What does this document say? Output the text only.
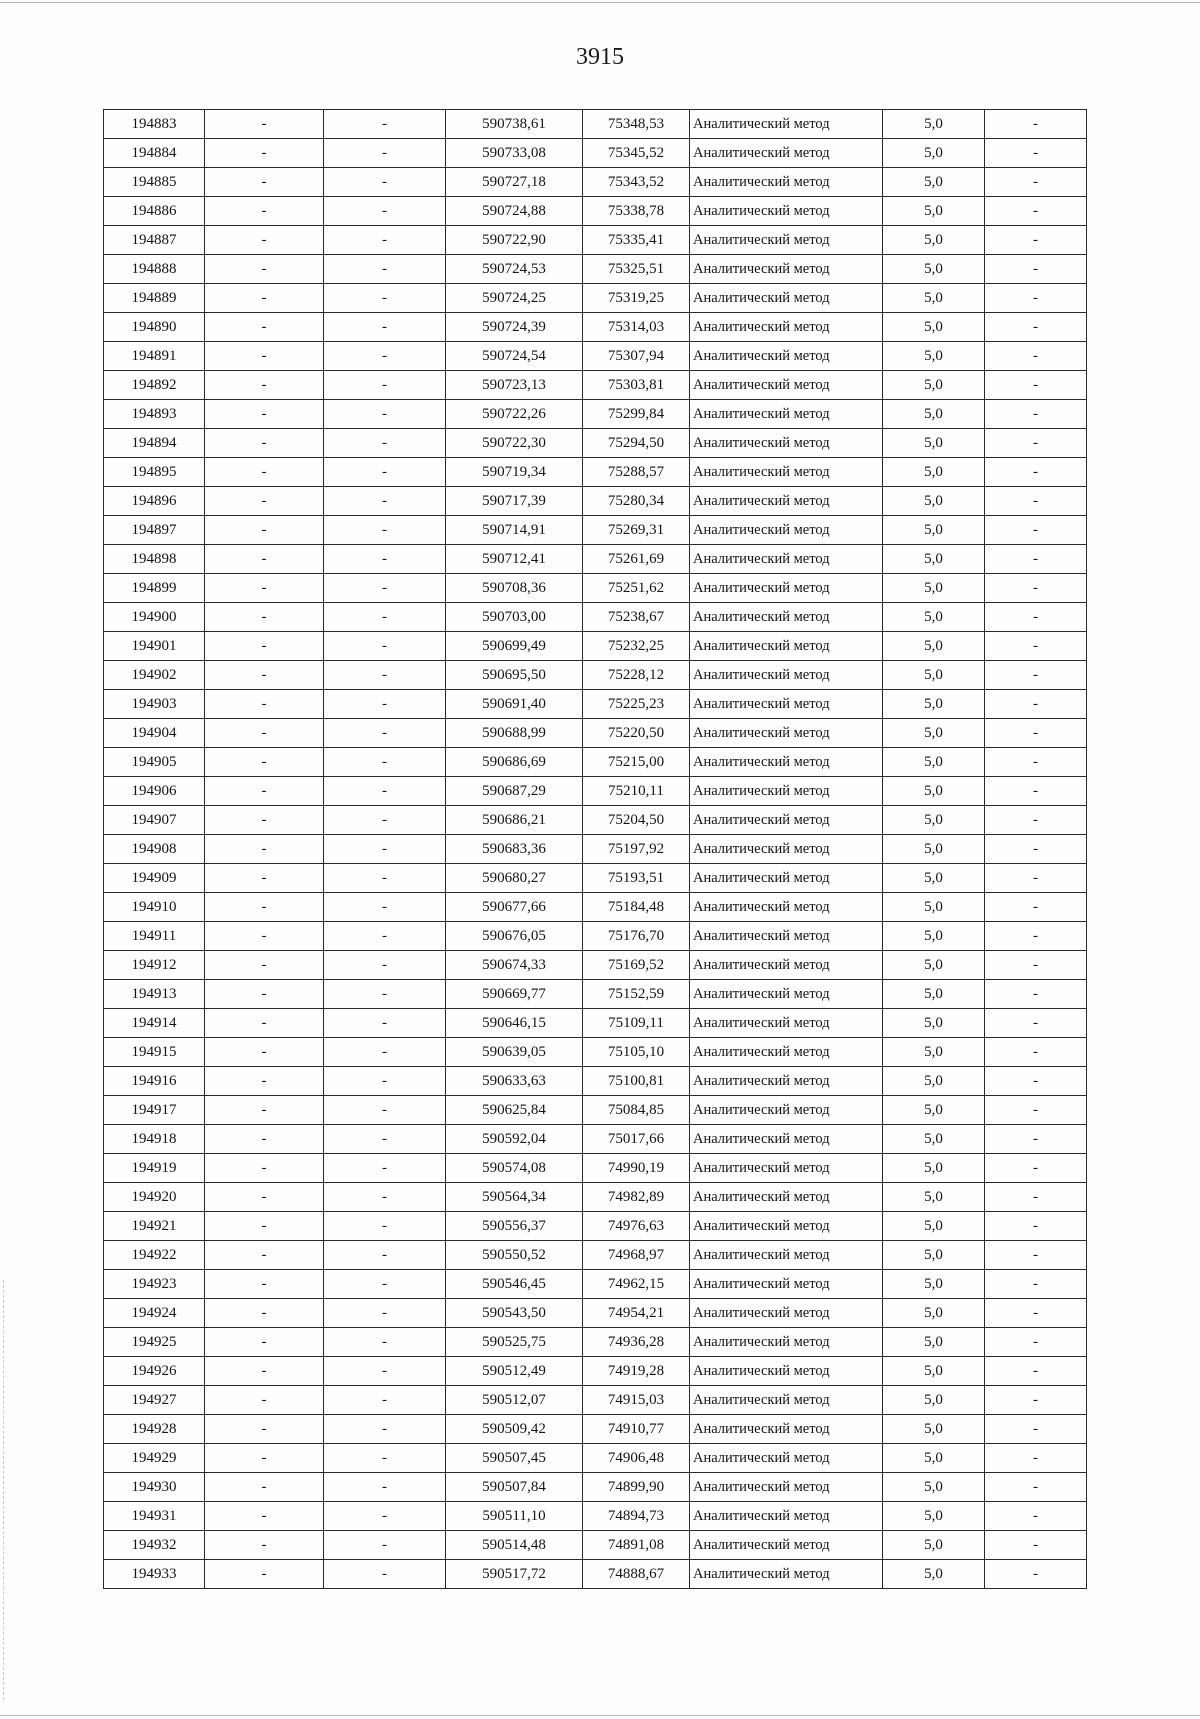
3915
194883	-	-	590738,61	75348,53	Аналитический метод	5,0	-
194884	-	-	590733,08	75345,52	Аналитический метод	5,0	-
194885	-	-	590727,18	75343,52	Аналитический метод	5,0	-
194886	-	-	590724,88	75338,78	Аналитический метод	5,0	-
194887	-	-	590722,90	75335,41	Аналитический метод	5,0	-
194888	-	-	590724,53	75325,51	Аналитический метод	5,0	-
194889	-	-	590724,25	75319,25	Аналитический метод	5,0	-
194890	-	-	590724,39	75314,03	Аналитический метод	5,0	-
194891	-	-	590724,54	75307,94	Аналитический метод	5,0	-
194892	-	-	590723,13	75303,81	Аналитический метод	5,0	-
194893	-	-	590722,26	75299,84	Аналитический метод	5,0	-
194894	-	-	590722,30	75294,50	Аналитический метод	5,0	-
194895	-	-	590719,34	75288,57	Аналитический метод	5,0	-
194896	-	-	590717,39	75280,34	Аналитический метод	5,0	-
194897	-	-	590714,91	75269,31	Аналитический метод	5,0	-
194898	-	-	590712,41	75261,69	Аналитический метод	5,0	-
194899	-	-	590708,36	75251,62	Аналитический метод	5,0	-
194900	-	-	590703,00	75238,67	Аналитический метод	5,0	-
194901	-	-	590699,49	75232,25	Аналитический метод	5,0	-
194902	-	-	590695,50	75228,12	Аналитический метод	5,0	-
194903	-	-	590691,40	75225,23	Аналитический метод	5,0	-
194904	-	-	590688,99	75220,50	Аналитический метод	5,0	-
194905	-	-	590686,69	75215,00	Аналитический метод	5,0	-
194906	-	-	590687,29	75210,11	Аналитический метод	5,0	-
194907	-	-	590686,21	75204,50	Аналитический метод	5,0	-
194908	-	-	590683,36	75197,92	Аналитический метод	5,0	-
194909	-	-	590680,27	75193,51	Аналитический метод	5,0	-
194910	-	-	590677,66	75184,48	Аналитический метод	5,0	-
194911	-	-	590676,05	75176,70	Аналитический метод	5,0	-
194912	-	-	590674,33	75169,52	Аналитический метод	5,0	-
194913	-	-	590669,77	75152,59	Аналитический метод	5,0	-
194914	-	-	590646,15	75109,11	Аналитический метод	5,0	-
194915	-	-	590639,05	75105,10	Аналитический метод	5,0	-
194916	-	-	590633,63	75100,81	Аналитический метод	5,0	-
194917	-	-	590625,84	75084,85	Аналитический метод	5,0	-
194918	-	-	590592,04	75017,66	Аналитический метод	5,0	-
194919	-	-	590574,08	74990,19	Аналитический метод	5,0	-
194920	-	-	590564,34	74982,89	Аналитический метод	5,0	-
194921	-	-	590556,37	74976,63	Аналитический метод	5,0	-
194922	-	-	590550,52	74968,97	Аналитический метод	5,0	-
194923	-	-	590546,45	74962,15	Аналитический метод	5,0	-
194924	-	-	590543,50	74954,21	Аналитический метод	5,0	-
194925	-	-	590525,75	74936,28	Аналитический метод	5,0	-
194926	-	-	590512,49	74919,28	Аналитический метод	5,0	-
194927	-	-	590512,07	74915,03	Аналитический метод	5,0	-
194928	-	-	590509,42	74910,77	Аналитический метод	5,0	-
194929	-	-	590507,45	74906,48	Аналитический метод	5,0	-
194930	-	-	590507,84	74899,90	Аналитический метод	5,0	-
194931	-	-	590511,10	74894,73	Аналитический метод	5,0	-
194932	-	-	590514,48	74891,08	Аналитический метод	5,0	-
194933	-	-	590517,72	74888,67	Аналитический метод	5,0	-
